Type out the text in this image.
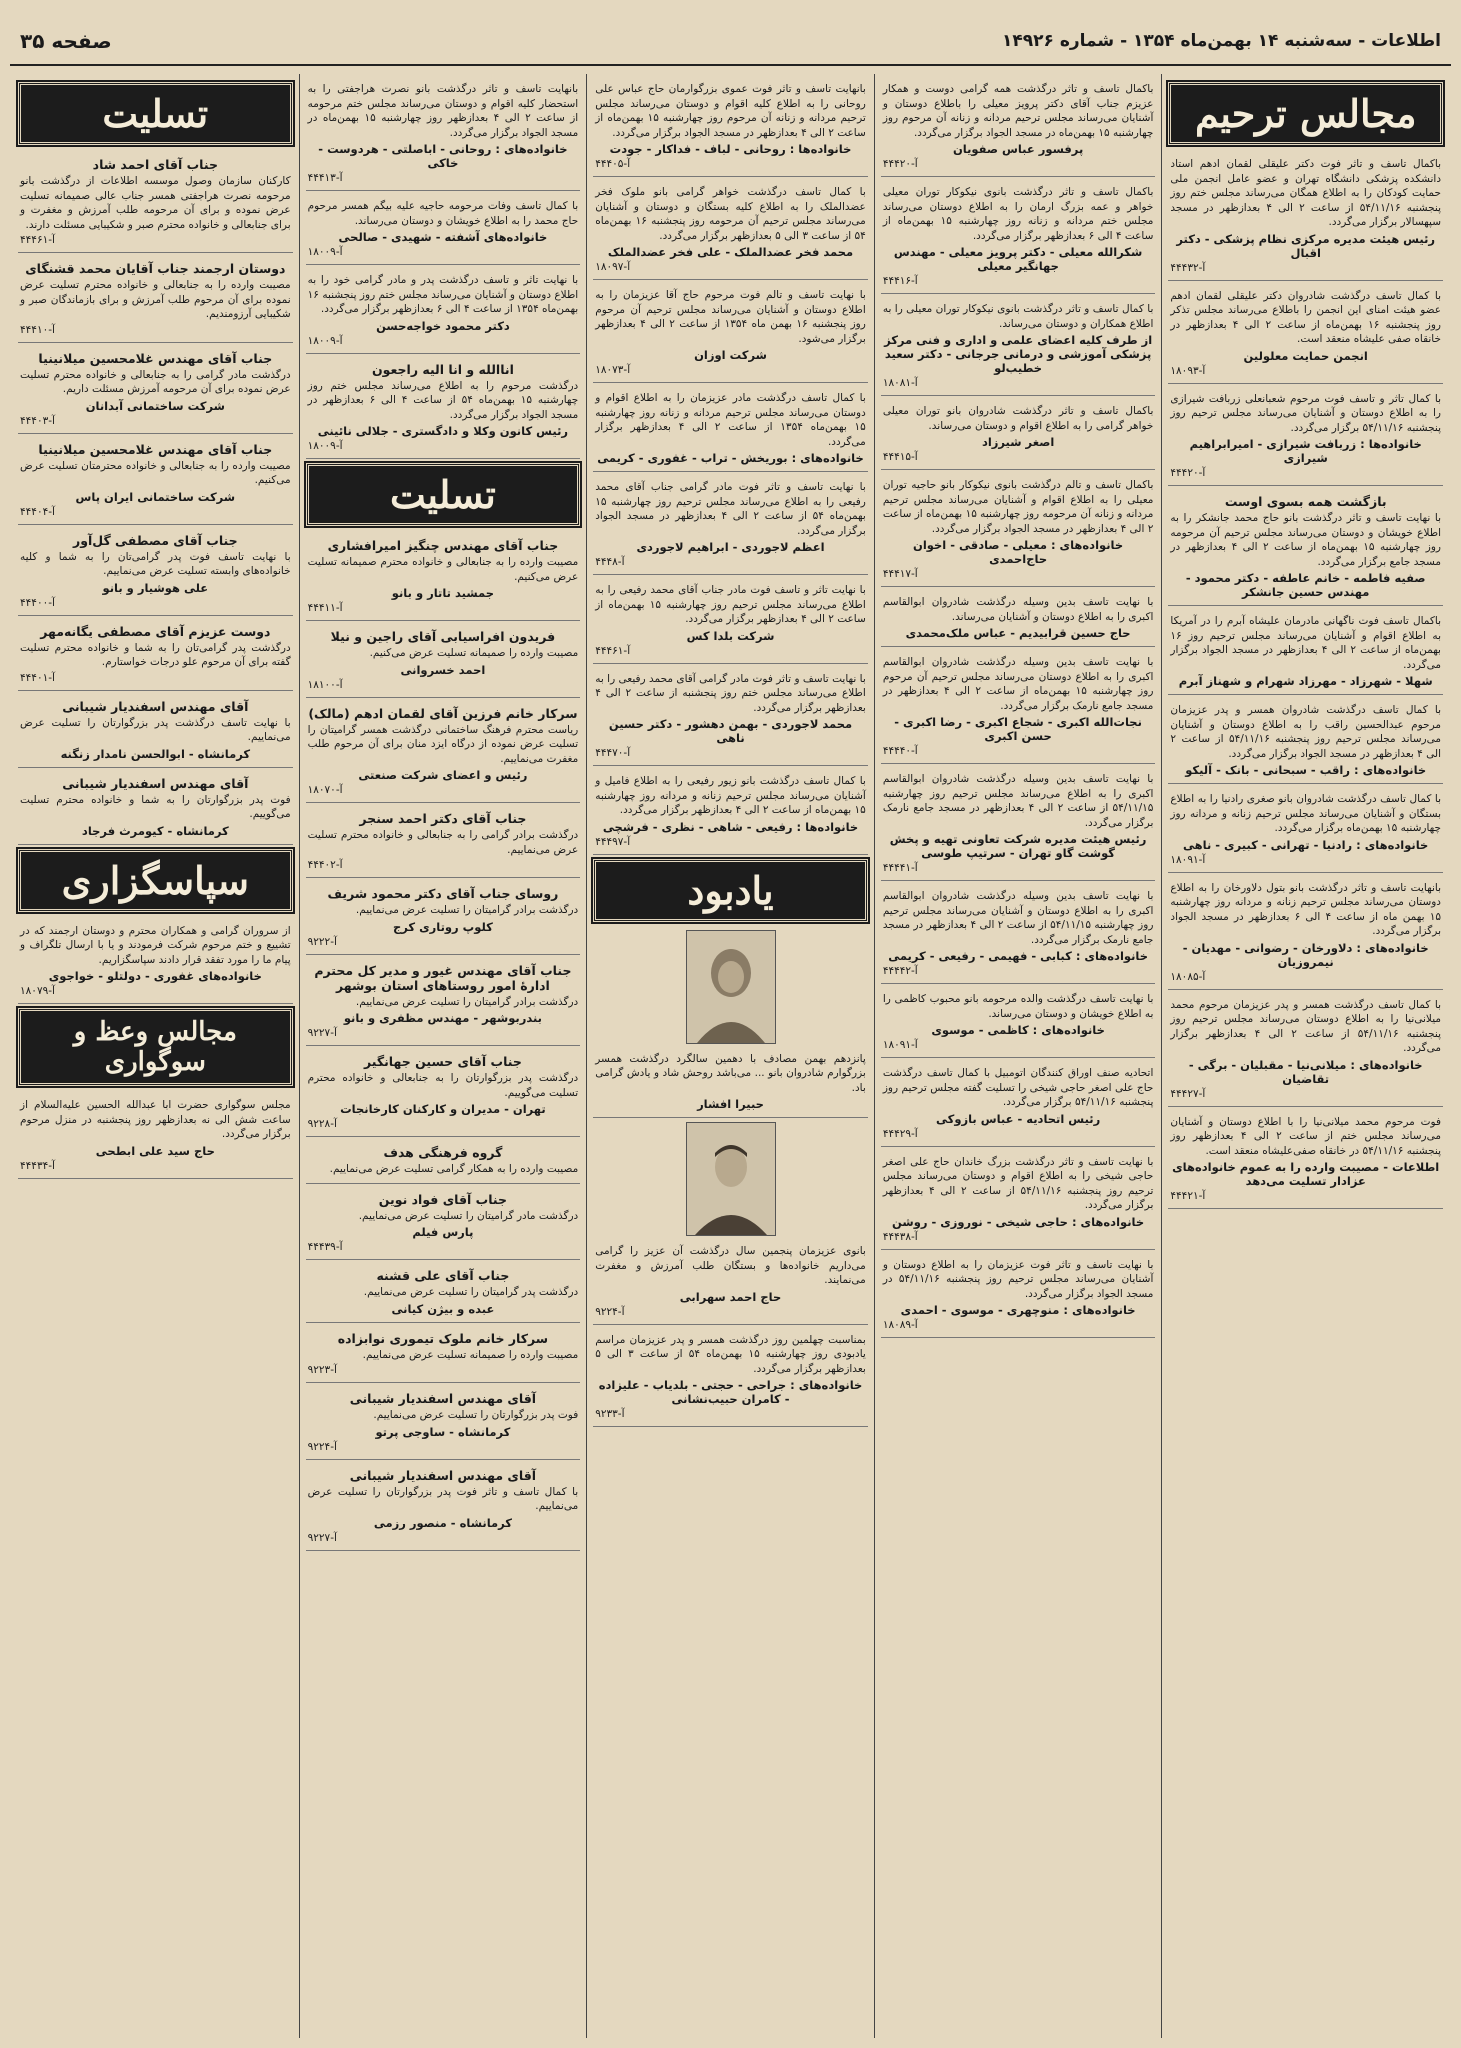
اطلاعات - سه‌شنبه ۱۴ بهمن‌ماه ۱۳۵۴ - شماره ۱۴۹۲۶
صفحه ۳۵
مجالس ترحیم
باکمال تاسف و تاثر فوت دکتر علیقلی لقمان ادهم استاد دانشکده پزشکی دانشگاه تهران و عضو عامل انجمن ملی حمایت کودکان را به اطلاع همگان می‌رساند مجلس ختم روز پنجشنبه ۵۴/۱۱/۱۶ از ساعت ۲ الی ۴ بعدازظهر در مسجد سپهسالار برگزار می‌گردد.
رئیس هیئت مدیره مرکزی نظام پزشکی - دکتر اقبال
آ-۴۴۴۳۲
با کمال تاسف درگذشت شادروان دکتر علیقلی لقمان ادهم عضو هیئت امنای این انجمن را باطلاع می‌رساند مجلس تذکر روز پنجشنبه ۱۶ بهمن‌ماه از ساعت ۲ الی ۴ بعدازظهر در خانقاه صفی علیشاه منعقد است.
انجمن حمایت معلولین
آ-۱۸۰۹۳
با کمال تاثر و تاسف فوت مرحوم شعبانعلی زربافت شیرازی را به اطلاع دوستان و آشنایان می‌رساند مجلس ترحیم روز پنجشنبه ۵۴/۱۱/۱۶ برگزار می‌گردد.
خانواده‌ها : زربافت شیرازی - امیرابراهیم شیرازی
آ-۴۴۴۲۰
بازگشت همه بسوی اوست
با نهایت تاسف و تاثر درگذشت بانو حاج محمد جانشکر را به اطلاع خویشان و دوستان می‌رساند مجلس ترحیم آن مرحومه روز چهارشنبه ۱۵ بهمن‌ماه از ساعت ۲ الی ۴ بعدازظهر در مسجد جامع برگزار می‌گردد.
صفیه فاطمه - خانم عاطفه - دکتر محمود - مهندس حسین جانشکر
باکمال تاسف فوت ناگهانی مادرمان علیشاه آبرم را در آمریکا به اطلاع اقوام و آشنایان می‌رساند مجلس ترحیم روز ۱۶ بهمن‌ماه از ساعت ۲ الی ۴ بعدازظهر در مسجد الجواد برگزار می‌گردد.
شهلا - شهرزاد - مهرزاد شهرام و شهناز آبرم
با کمال تاسف درگذشت شادروان همسر و پدر عزیزمان مرحوم عبدالحسین راقب را به اطلاع دوستان و آشنایان می‌رساند مجلس ترحیم روز پنجشنبه ۵۴/۱۱/۱۶ از ساعت ۲ الی ۴ بعدازظهر در مسجد الجواد برگزار می‌گردد.
خانواده‌های : راقب - سبحانی - بانک - آلیکو
با کمال تاسف درگذشت شادروان بانو صغری رادنیا را به اطلاع بستگان و آشنایان می‌رساند مجلس ترحیم زنانه و مردانه روز چهارشنبه ۱۵ بهمن‌ماه برگزار می‌گردد.
خانواده‌های : رادنیا - تهرانی - کبیری - ناهی
آ-۱۸۰۹۱
بانهایت تاسف و تاثر درگذشت بانو بتول دلاورخان را به اطلاع دوستان می‌رساند مجلس ترحیم زنانه و مردانه روز چهارشنبه ۱۵ بهمن ماه از ساعت ۴ الی ۶ بعدازظهر در مسجد الجواد برگزار می‌گردد.
خانواده‌های : دلاورخان - رضوانی - مهدیان - نیمروزیان
آ-۱۸۰۸۵
با کمال تاسف درگذشت همسر و پدر عزیزمان مرحوم محمد میلانی‌نیا را به اطلاع دوستان می‌رساند مجلس ترحیم روز پنجشنبه ۵۴/۱۱/۱۶ از ساعت ۲ الی ۴ بعدازظهر برگزار می‌گردد.
خانواده‌های : میلانی‌نیا - مقبلیان - برگی - تقاضیان
آ-۴۴۴۲۷
فوت مرحوم محمد میلانی‌نیا را با اطلاع دوستان و آشنایان می‌رساند مجلس ختم از ساعت ۲ الی ۴ بعدازظهر روز پنجشنبه ۵۴/۱۱/۱۶ در خانقاه صفی‌علیشاه منعقد است.
اطلاعات - مصیبت وارده را به عموم خانواده‌های عزادار تسلیت می‌دهد
آ-۴۴۴۲۱
باکمال تاسف و تاثر درگذشت همه گرامی دوست و همکار عزیزم جناب آقای دکتر پرویز معیلی را باطلاع دوستان و آشنایان می‌رساند مجلس ترحیم مردانه و زنانه آن مرحوم روز چهارشنبه ۱۵ بهمن‌ماه در مسجد الجواد برگزار می‌گردد.
پرفسور عباس صفویان
آ-۴۴۴۲۰
باکمال تاسف و تاثر درگذشت بانوی نیکوکار توران معیلی خواهر و عمه بزرگ ارمان را به اطلاع دوستان می‌رساند مجلس ختم مردانه و زنانه روز چهارشنبه ۱۵ بهمن‌ماه از ساعت ۴ الی ۶ بعدازظهر برگزار می‌گردد.
شکرالله معیلی - دکتر پرویز معیلی - مهندس جهانگیر معیلی
آ-۴۴۴۱۶
با کمال تاسف و تاثر درگذشت بانوی نیکوکار توران معیلی را به اطلاع همکاران و دوستان می‌رساند.
از طرف کلیه اعضای علمی و اداری و فنی مرکز پزشکی آموزشی و درمانی جرجانی - دکتر سعید خطیب‌لو
آ-۱۸۰۸۱
باکمال تاسف و تاثر درگذشت شادروان بانو توران معیلی خواهر گرامی را به اطلاع اقوام و دوستان می‌رساند.
اصغر شیرزاد
آ-۴۴۴۱۵
باکمال تاسف و تالم درگذشت بانوی نیکوکار بانو حاجیه توران معیلی را به اطلاع اقوام و آشنایان می‌رساند مجلس ترحیم مردانه و زنانه آن مرحومه روز چهارشنبه ۱۵ بهمن‌ماه از ساعت ۲ الی ۴ بعدازظهر در مسجد الجواد برگزار می‌گردد.
خانواده‌های : معیلی - صادقی - اخوان حاج‌احمدی
آ-۴۴۴۱۷
با نهایت تاسف بدین وسیله درگذشت شادروان ابوالقاسم اکبری را به اطلاع دوستان و آشنایان می‌رساند.
حاج حسین قرابیدیم - عباس ملک‌محمدی
با نهایت تاسف بدین وسیله درگذشت شادروان ابوالقاسم اکبری را به اطلاع دوستان می‌رساند مجلس ترحیم آن مرحوم روز چهارشنبه ۱۵ بهمن‌ماه از ساعت ۲ الی ۴ بعدازظهر در مسجد جامع نارمک برگزار می‌گردد.
نجات‌الله اکبری - شجاع اکبری - رضا اکبری - حسن اکبری
آ-۴۴۴۴۰
با نهایت تاسف بدین وسیله درگذشت شادروان ابوالقاسم اکبری را به اطلاع می‌رساند مجلس ترحیم روز چهارشنبه ۵۴/۱۱/۱۵ از ساعت ۲ الی ۴ بعدازظهر در مسجد جامع نارمک برگزار می‌گردد.
رئیس هیئت مدیره شرکت تعاونی تهیه و پخش گوشت گاو تهران - سرتیپ طوسی
آ-۴۴۴۴۱
با نهایت تاسف بدین وسیله درگذشت شادروان ابوالقاسم اکبری را به اطلاع دوستان و آشنایان می‌رساند مجلس ترحیم روز چهارشنبه ۵۴/۱۱/۱۵ از ساعت ۲ الی ۴ بعدازظهر در مسجد جامع نارمک برگزار می‌گردد.
خانواده‌های : کبابی - فهیمی - رفیعی - کریمی
آ-۴۴۴۴۲
با نهایت تاسف درگذشت والده مرحومه بانو محبوب کاظمی را به اطلاع خویشان و دوستان می‌رساند.
خانواده‌های : کاظمی - موسوی
آ-۱۸۰۹۱
اتحادیه صنف اوراق کنندگان اتومبیل با کمال تاسف درگذشت حاج علی اصغر حاجی شیخی را تسلیت گفته مجلس ترحیم روز پنجشنبه ۵۴/۱۱/۱۶ برگزار می‌گردد.
رئیس اتحادیه - عباس بازوکی
آ-۴۴۴۲۹
با نهایت تاسف و تاثر درگذشت بزرگ خاندان حاج علی اصغر حاجی شیخی را به اطلاع اقوام و دوستان می‌رساند مجلس ترحیم روز پنجشنبه ۵۴/۱۱/۱۶ از ساعت ۲ الی ۴ بعدازظهر برگزار می‌گردد.
خانواده‌های : حاجی شیخی - نوروزی - روشن
آ-۴۴۴۳۸
با نهایت تاسف و تاثر فوت عزیزمان را به اطلاع دوستان و آشنایان می‌رساند مجلس ترحیم روز پنجشنبه ۵۴/۱۱/۱۶ در مسجد الجواد برگزار می‌گردد.
خانواده‌های : منوچهری - موسوی - احمدی
آ-۱۸۰۸۹
بانهایت تاسف و تاثر فوت عموی بزرگوارمان حاج عباس علی روحانی را به اطلاع کلیه اقوام و دوستان می‌رساند مجلس ترحیم مردانه و زنانه آن مرحوم روز چهارشنبه ۱۵ بهمن‌ماه از ساعت ۲ الی ۴ بعدازظهر در مسجد الجواد برگزار می‌گردد.
خانواده‌ها : روحانی - لباف - فداکار - جودت
آ-۴۴۴۰۵
با کمال تاسف درگذشت خواهر گرامی بانو ملوک فخر عضدالملک را به اطلاع کلیه بستگان و دوستان و آشنایان می‌رساند مجلس ترحیم آن مرحومه روز پنجشنبه ۱۶ بهمن‌ماه ۵۴ از ساعت ۳ الی ۵ بعدازظهر برگزار می‌گردد.
محمد فخر عضدالملک - علی فخر عضدالملک
آ-۱۸۰۹۷
با نهایت تاسف و تالم فوت مرحوم حاج آقا عزیزمان را به اطلاع دوستان و آشنایان می‌رساند مجلس ترحیم آن مرحوم روز پنجشنبه ۱۶ بهمن ماه ۱۳۵۴ از ساعت ۲ الی ۴ بعدازظهر برگزار می‌شود.
شرکت اوزان
آ-۱۸۰۷۳
با کمال تاسف درگذشت مادر عزیزمان را به اطلاع اقوام و دوستان می‌رساند مجلس ترحیم مردانه و زنانه روز چهارشنبه ۱۵ بهمن‌ماه ۱۳۵۴ از ساعت ۲ الی ۴ بعدازظهر برگزار می‌گردد.
خانواده‌های : بوریخش - تراب - غفوری - کریمی
با نهایت تاسف و تاثر فوت مادر گرامی جناب آقای محمد رفیعی را به اطلاع می‌رساند مجلس ترحیم روز چهارشنبه ۱۵ بهمن‌ماه ۵۴ از ساعت ۲ الی ۴ بعدازظهر در مسجد الجواد برگزار می‌گردد.
اعظم لاجوردی - ابراهیم لاجوردی
آ-۴۴۴۸
با نهایت تاثر و تاسف فوت مادر جناب آقای محمد رفیعی را به اطلاع می‌رساند مجلس ترحیم روز چهارشنبه ۱۵ بهمن‌ماه از ساعت ۲ الی ۴ بعدازظهر برگزار می‌گردد.
شرکت بلدا کس
آ-۴۴۴۶۱
با نهایت تاسف و تاثر فوت مادر گرامی آقای محمد رفیعی را به اطلاع می‌رساند مجلس ختم روز پنجشنبه از ساعت ۲ الی ۴ بعدازظهر برگزار می‌گردد.
محمد لاجوردی - بهمن دهشور - دکتر حسین ناهی
آ-۴۴۴۷۰
با کمال تاسف درگذشت بانو زیور رفیعی را به اطلاع فامیل و آشنایان می‌رساند مجلس ترحیم زنانه و مردانه روز چهارشنبه ۱۵ بهمن‌ماه از ساعت ۲ الی ۴ بعدازظهر برگزار می‌گردد.
خانواده‌ها : رفیعی - شاهی - نظری - فرشچی
آ-۴۴۴۹۷
یادبود
پانزدهم بهمن مصادف با دهمین سالگرد درگذشت همسر بزرگوارم شادروان بانو ... می‌باشد روحش شاد و یادش گرامی باد.
حبیرا افشار
بانوی عزیزمان پنجمین سال درگذشت آن عزیز را گرامی می‌داریم خانواده‌ها و بستگان طلب آمرزش و مغفرت می‌نمایند.
حاج احمد سهرابی
آ-۹۲۲۴
بمناسبت چهلمین روز درگذشت همسر و پدر عزیزمان مراسم یادبودی روز چهارشنبه ۱۵ بهمن‌ماه ۵۴ از ساعت ۳ الی ۵ بعدازظهر برگزار می‌گردد.
خانواده‌های : جراحی - حجتی - بلدیاب - علیزاده - کامران حبیب‌نشانی
آ-۹۲۳۳
بانهایت تاسف و تاثر درگذشت بانو نصرت هراجفتی را به استحضار کلیه اقوام و دوستان می‌رساند مجلس ختم مرحومه از ساعت ۲ الی ۴ بعدازظهر روز چهارشنبه ۱۵ بهمن‌ماه در مسجد الجواد برگزار می‌گردد.
خانواده‌های : روحانی - اباصلتی - هردوست - خاکی
آ-۴۴۴۱۳
با کمال تاسف وفات مرحومه حاجیه علیه بیگم همسر مرحوم حاج محمد را به اطلاع خویشان و دوستان می‌رساند.
خانواده‌های آشفته - شهیدی - صالحی
آ-۱۸۰۰۹
با نهایت تاثر و تاسف درگذشت پدر و مادر گرامی خود را به اطلاع دوستان و آشنایان می‌رساند مجلس ختم روز پنجشنبه ۱۶ بهمن‌ماه ۱۳۵۴ از ساعت ۴ الی ۶ بعدازظهر برگزار می‌گردد.
دکتر محمود خواجه‌حسن
آ-۱۸۰۰۹
اناالله و انا الیه راجعون
درگذشت مرحوم را به اطلاع می‌رساند مجلس ختم روز چهارشنبه ۱۵ بهمن‌ماه ۵۴ از ساعت ۴ الی ۶ بعدازظهر در مسجد الجواد برگزار می‌گردد.
رئیس کانون وکلا و دادگستری - جلالی نائینی
آ-۱۸۰۰۹
تسلیت
جناب آقای مهندس چنگیز امیرافشاری
مصیبت وارده را به جنابعالی و خانواده محترم صمیمانه تسلیت عرض می‌کنیم.
جمشید تاتار و بانو
آ-۴۴۴۱۱
فریدون افراسیابی آقای راجین و نیلا
مصیبت وارده را صمیمانه تسلیت عرض می‌کنیم.
احمد خسروانی
آ-۱۸۱۰۰
سرکار خانم فرزین آقای لقمان ادهم (مالک)
ریاست محترم فرهنگ ساختمانی درگذشت همسر گرامیتان را تسلیت عرض نموده از درگاه ایزد منان برای آن مرحوم طلب مغفرت می‌نماییم.
رئیس و اعضای شرکت صنعتی
آ-۱۸۰۷۰
جناب آقای دکتر احمد سنجر
درگذشت برادر گرامی را به جنابعالی و خانواده محترم تسلیت عرض می‌نماییم.
آ-۴۴۴۰۲
روسای جناب آقای دکتر محمود شریف
درگذشت برادر گرامیتان را تسلیت عرض می‌نماییم.
کلوپ روتاری کرج
آ-۹۲۲۲
جناب آقای مهندس غیور و مدیر کل محترم ادارهٔ امور روستاهای استان بوشهر
درگذشت برادر گرامیتان را تسلیت عرض می‌نماییم.
بندربوشهر - مهندس مظفری و بانو
آ-۹۲۲۷
جناب آقای حسین جهانگیر
درگذشت پدر بزرگوارتان را به جنابعالی و خانواده محترم تسلیت می‌گوییم.
تهران - مدیران و کارکنان کارخانجات
آ-۹۲۲۸
گروه فرهنگی هدف
مصیبت وارده را به همکار گرامی تسلیت عرض می‌نماییم.
جناب آقای فواد نوین
درگذشت مادر گرامیتان را تسلیت عرض می‌نماییم.
پارس فیلم
آ-۴۴۴۳۹
جناب آقای علی قشنه
درگذشت پدر گرامیتان را تسلیت عرض می‌نماییم.
عبده و بیژن کیانی
سرکار خانم ملوک تیموری نوابزاده
مصیبت وارده را صمیمانه تسلیت عرض می‌نماییم.
آ-۹۲۲۳
آقای مهندس اسفندیار شیبانی
فوت پدر بزرگوارتان را تسلیت عرض می‌نماییم.
کرمانشاه - ساوجی پرتو
آ-۹۲۲۴
آقای مهندس اسفندیار شیبانی
با کمال تاسف و تاثر فوت پدر بزرگوارتان را تسلیت عرض می‌نماییم.
کرمانشاه - منصور رزمی
آ-۹۲۲۷
تسلیت
جناب آقای احمد شاد
کارکنان سازمان وصول موسسه اطلاعات از درگذشت بانو مرحومه نصرت هراجفتی همسر جناب عالی صمیمانه تسلیت عرض نموده و برای آن مرحومه طلب آمرزش و مغفرت و برای جنابعالی و خانواده محترم صبر و شکیبایی مسئلت دارند.
آ-۴۴۴۶۱
دوستان ارجمند جناب آقایان محمد قشنگای
مصیبت وارده را به جنابعالی و خانواده محترم تسلیت عرض نموده برای آن مرحوم طلب آمرزش و برای بازماندگان صبر و شکیبایی آرزومندیم.
آ-۴۴۴۱۰
جناب آقای مهندس غلامحسین میلانینیا
درگذشت مادر گرامی را به جنابعالی و خانواده محترم تسلیت عرض نموده برای آن مرحومه آمرزش مسئلت داریم.
شرکت ساختمانی آبدانان
آ-۴۴۴۰۳
جناب آقای مهندس غلامحسین میلانینیا
مصیبت وارده را به جنابعالی و خانواده محترمتان تسلیت عرض می‌کنیم.
شرکت ساختمانی ایران پاس
آ-۴۴۴۰۴
جناب آقای مصطفی گل‌آور
با نهایت تاسف فوت پدر گرامی‌تان را به شما و کلیه خانواده‌های وابسته تسلیت عرض می‌نماییم.
علی هوشیار و بانو
آ-۴۴۴۰۰
دوست عزیزم آقای مصطفی یگانه‌مهر
درگذشت پدر گرامی‌تان را به شما و خانواده محترم تسلیت گفته برای آن مرحوم علو درجات خواستارم.
آ-۴۴۴۰۱
آقای مهندس اسفندیار شیبانی
با نهایت تاسف درگذشت پدر بزرگوارتان را تسلیت عرض می‌نماییم.
کرمانشاه - ابوالحسن نامدار زنگنه
آقای مهندس اسفندیار شیبانی
فوت پدر بزرگوارتان را به شما و خانواده محترم تسلیت می‌گوییم.
کرمانشاه - کیومرث فرجاد
سپاسگزاری
از سروران گرامی و همکاران محترم و دوستان ارجمند که در تشییع و ختم مرحوم شرکت فرمودند و یا با ارسال تلگراف و پیام ما را مورد تفقد قرار دادند سپاسگزاریم.
خانواده‌های غفوری - دولتلو - خواجوی
آ-۱۸۰۷۹
مجالس وعظ و سوگواری
مجلس سوگواری حضرت ابا عبدالله الحسین علیه‌السلام از ساعت شش الی نه بعدازظهر روز پنجشنبه در منزل مرحوم برگزار می‌گردد.
حاج سید علی ابطحی
آ-۴۴۴۳۴
